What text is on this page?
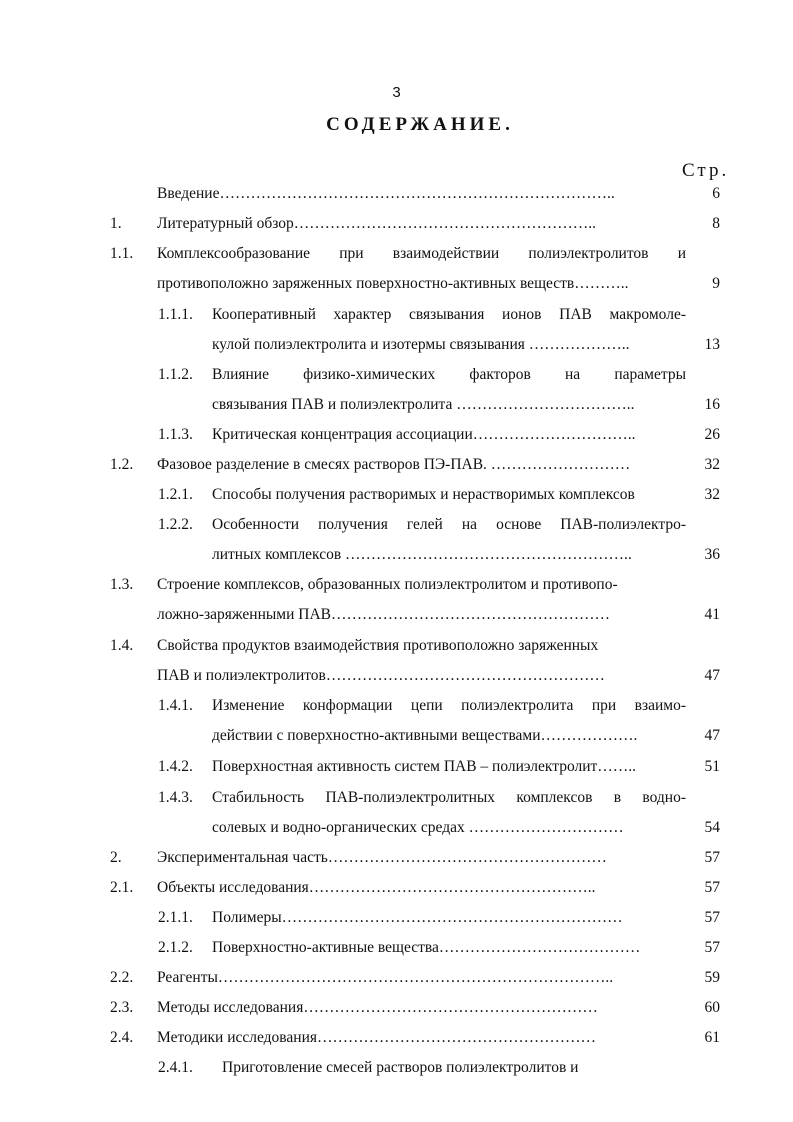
3
СОДЕРЖАНИЕ.
Стр.
Введение…………………………………………………………………..	6
1. Литературный обзор…………………………………………………..	8
1.1. Комплексообразование при взаимодействии полиэлектролитов и
противоположно заряженных поверхностно-активных веществ………..	9
1.1.1. Кооперативный характер связывания ионов ПАВ макромоле-
кулой полиэлектролита и изотермы связывания ………………..	13
1.1.2. Влияние физико-химических факторов на параметры
связывания ПАВ и полиэлектролита ……………………………..	16
1.1.3. Критическая концентрация ассоциации…………………………..	26
1.2. Фазовое разделение в смесях растворов ПЭ-ПАВ. ………………………	32
1.2.1. Способы получения растворимых и нерастворимых комплексов	32
1.2.2. Особенности получения гелей на основе ПАВ-полиэлектро-
литных комплексов ………………………………………………..	36
1.3. Строение комплексов, образованных полиэлектролитом и противопо-
ложно-заряженными ПАВ………………………………………………	41
1.4. Свойства продуктов взаимодействия противоположно заряженных
ПАВ и полиэлектролитов………………………………………………	47
1.4.1. Изменение конформации цепи полиэлектролита при взаимо-
действии с поверхностно-активными веществами……………….	47
1.4.2. Поверхностная активность систем ПАВ – полиэлектролит……..	51
1.4.3. Стабильность ПАВ-полиэлектролитных комплексов в водно-
солевых и водно-органических средах …………………………	54
2. Экспериментальная часть………………………………………………	57
2.1. Объекты исследования………………………………………………..	57
2.1.1. Полимеры…………………………………………………………	57
2.1.2. Поверхностно-активные вещества…………………………………	57
2.2. Реагенты…………………………………………………………………..	59
2.3. Методы исследования…………………………………………………	60
2.4. Методики исследования………………………………………………	61
2.4.1. Приготовление смесей растворов полиэлектролитов и
